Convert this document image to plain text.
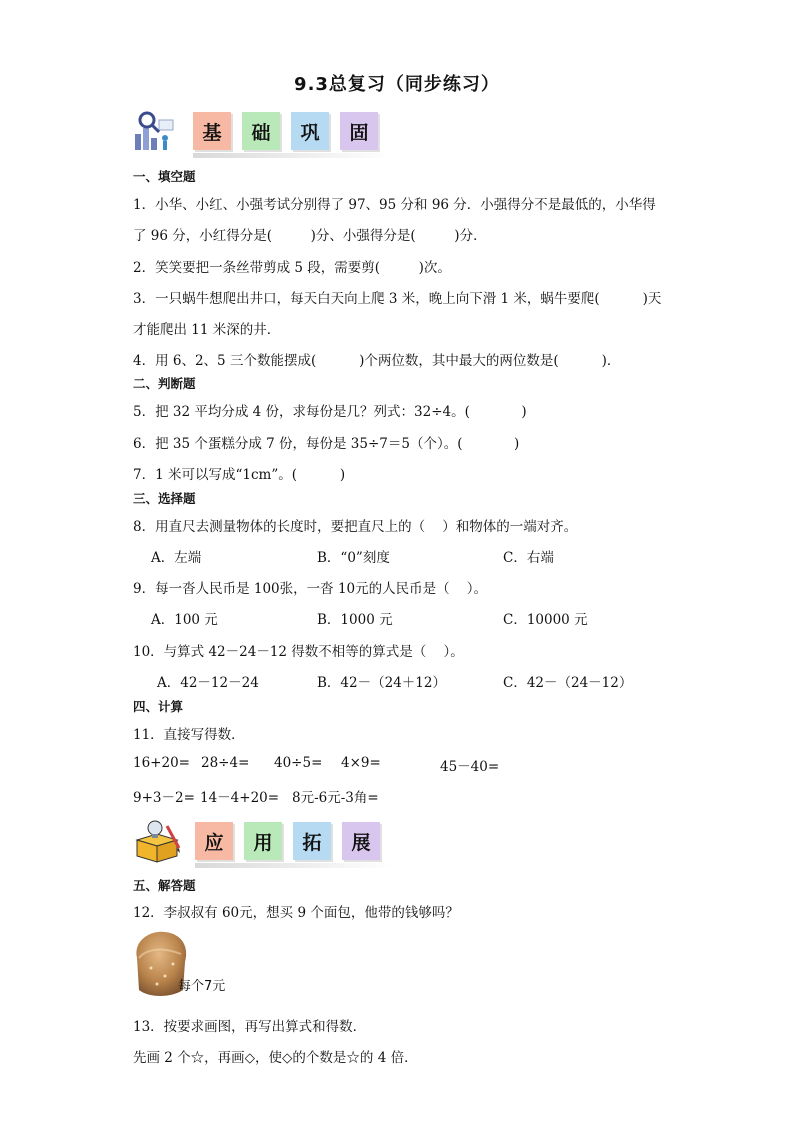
9.3总复习（同步练习）
基	础	巩	固
一、填空题
1．小华、小红、小强考试分别得了 97、95 分和 96 分．小强得分不是最低的，小华得
了 96 分，小红得分是(         )分、小强得分是(         )分．
2．笑笑要把一条丝带剪成 5 段，需要剪(         )次。
3．一只蜗牛想爬出井口，每天白天向上爬 3 米，晚上向下滑 1 米，蜗牛要爬(          )天
才能爬出 11 米深的井．
4．用 6、2、5 三个数能摆成(          )个两位数，其中最大的两位数是(          )．
二、判断题
5．把 32 平均分成 4 份，求每份是几？列式：32÷4。(            )
6．把 35 个蛋糕分成 7 份，每份是 35÷7＝5（个）。(            )
7．1 米可以写成“1cm”。(          )
三、选择题
8．用直尺去测量物体的长度时，要把直尺上的（    ）和物体的一端对齐。
A．左端	B．“0”刻度	C．右端
9．每一沓人民币是 100张，一沓 10元的人民币是（    ）。
A．100 元	B．1000 元	C．10000 元
10．与算式 42－24－12 得数不相等的算式是（    ）。
A．42－12－24	B．42－（24＋12）	C．42－（24－12）
四、计算
11．直接写得数．
16+20= 28÷4= 40÷5= 4×9=	45－40=
9+3－2= 14－4+20= 8元-6元-3角=
应	用	拓	展
五、解答题
12．李叔叔有 60元，想买 9 个面包，他带的钱够吗？
每个7元
13．按要求画图，再写出算式和得数．
先画 2 个☆，再画◇，使◇的个数是☆的 4 倍．
